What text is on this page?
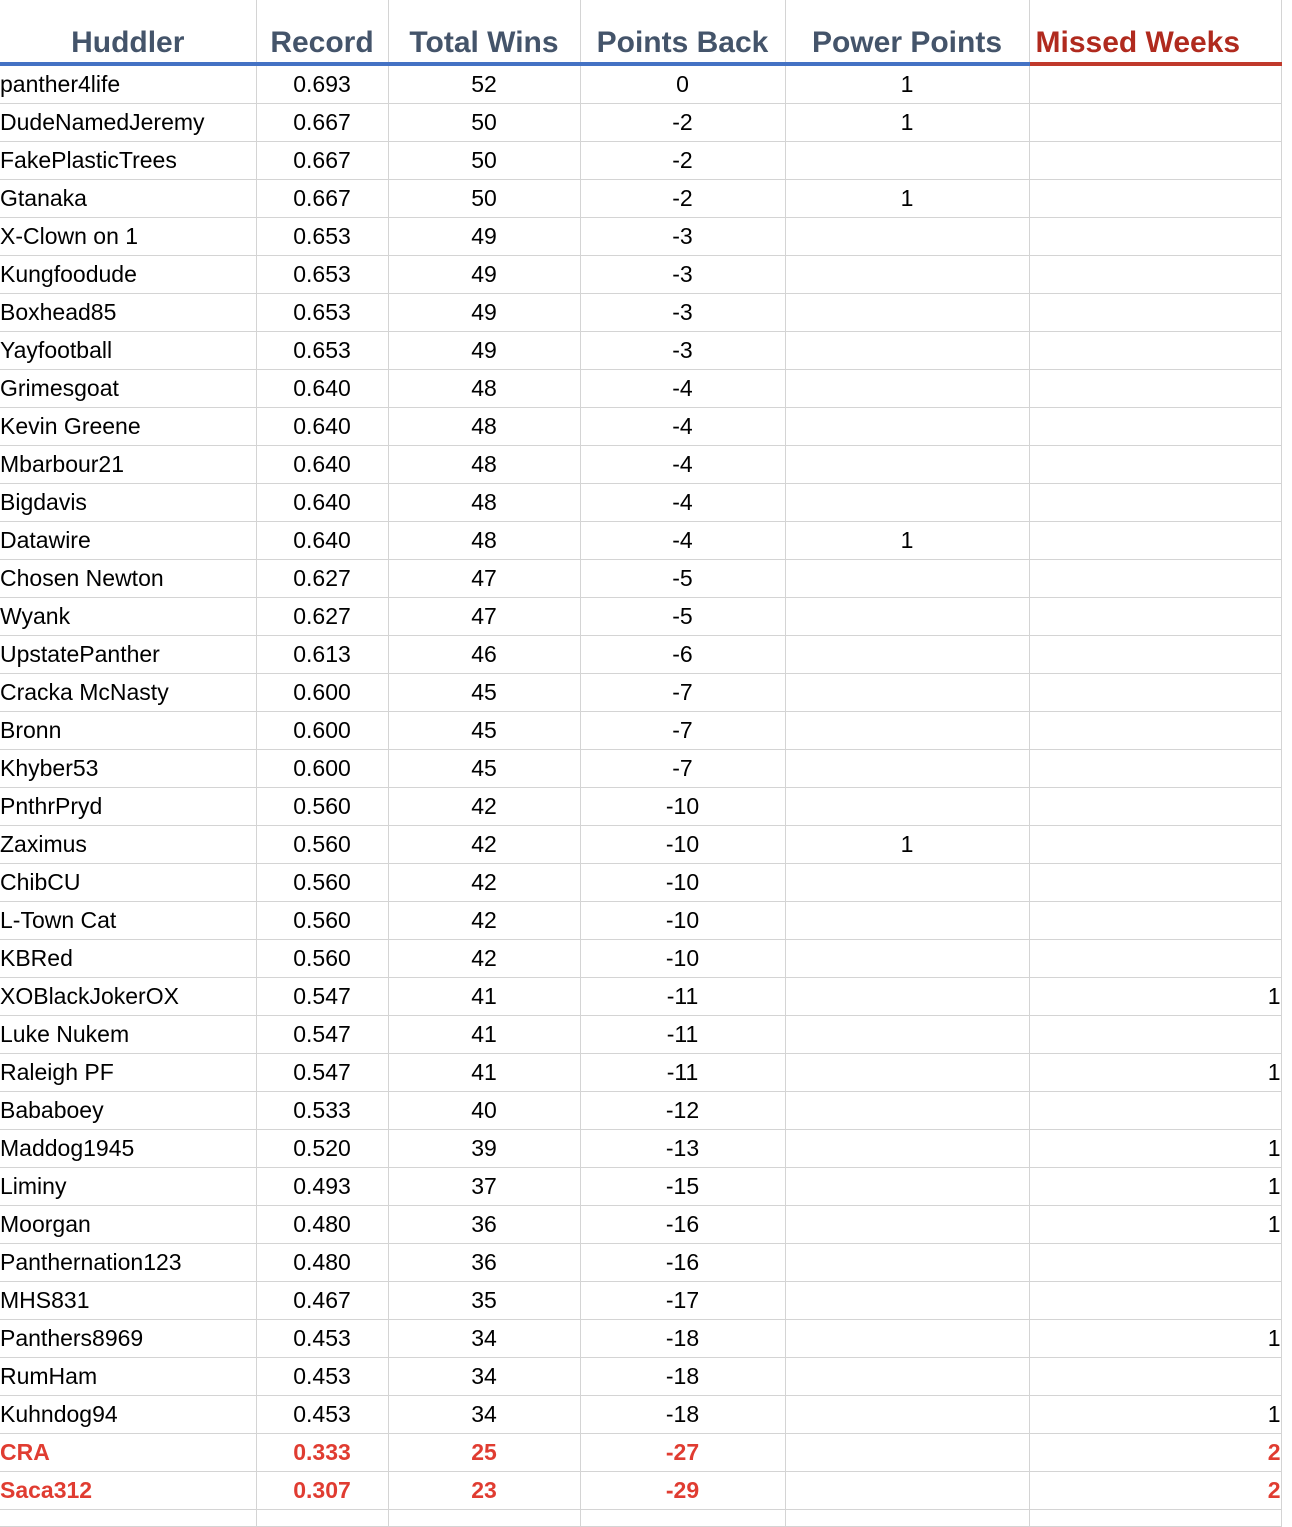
Huddler	Record	Total Wins	Points Back	Power Points	Missed Weeks
panther4life	0.693	52	0	1	
DudeNamedJeremy	0.667	50	-2	1	
FakePlasticTrees	0.667	50	-2		
Gtanaka	0.667	50	-2	1	
X-Clown on 1	0.653	49	-3		
Kungfoodude	0.653	49	-3		
Boxhead85	0.653	49	-3		
Yayfootball	0.653	49	-3		
Grimesgoat	0.640	48	-4		
Kevin Greene	0.640	48	-4		
Mbarbour21	0.640	48	-4		
Bigdavis	0.640	48	-4		
Datawire	0.640	48	-4	1	
Chosen Newton	0.627	47	-5		
Wyank	0.627	47	-5		
UpstatePanther	0.613	46	-6		
Cracka McNasty	0.600	45	-7		
Bronn	0.600	45	-7		
Khyber53	0.600	45	-7		
PnthrPryd	0.560	42	-10		
Zaximus	0.560	42	-10	1	
ChibCU	0.560	42	-10		
L-Town Cat	0.560	42	-10		
KBRed	0.560	42	-10		
XOBlackJokerOX	0.547	41	-11		1
Luke Nukem	0.547	41	-11		
Raleigh PF	0.547	41	-11		1
Bababoey	0.533	40	-12		
Maddog1945	0.520	39	-13		1
Liminy	0.493	37	-15		1
Moorgan	0.480	36	-16		1
Panthernation123	0.480	36	-16		
MHS831	0.467	35	-17		
Panthers8969	0.453	34	-18		1
RumHam	0.453	34	-18		
Kuhndog94	0.453	34	-18		1
CRA	0.333	25	-27		2
Saca312	0.307	23	-29		2
